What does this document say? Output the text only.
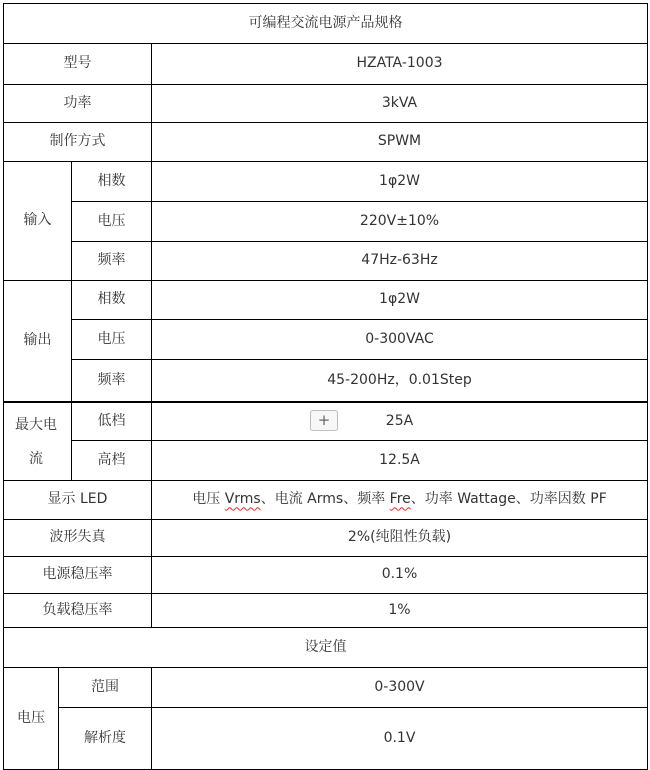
可编程交流电源产品规格
型号	HZATA-1003
功率	3kVA
制作方式	SPWM
输入
相数	1φ2W
电压	220V±10%
频率	47Hz-63Hz
输出
相数	1φ2W
电压	0-300VAC
频率	45-200Hz，0.01Step
最大电流
低档	25A
高档	12.5A
+
显示 LED	电压 Vrms 、电流 Arms、频率 Fre 、功率 Wattage、功率因数 PF
波形失真	2%(纯阻性负载)
电源稳压率	0.1%
负载稳压率	1%
设定值
电压
范围	0-300V
解析度	0.1V
